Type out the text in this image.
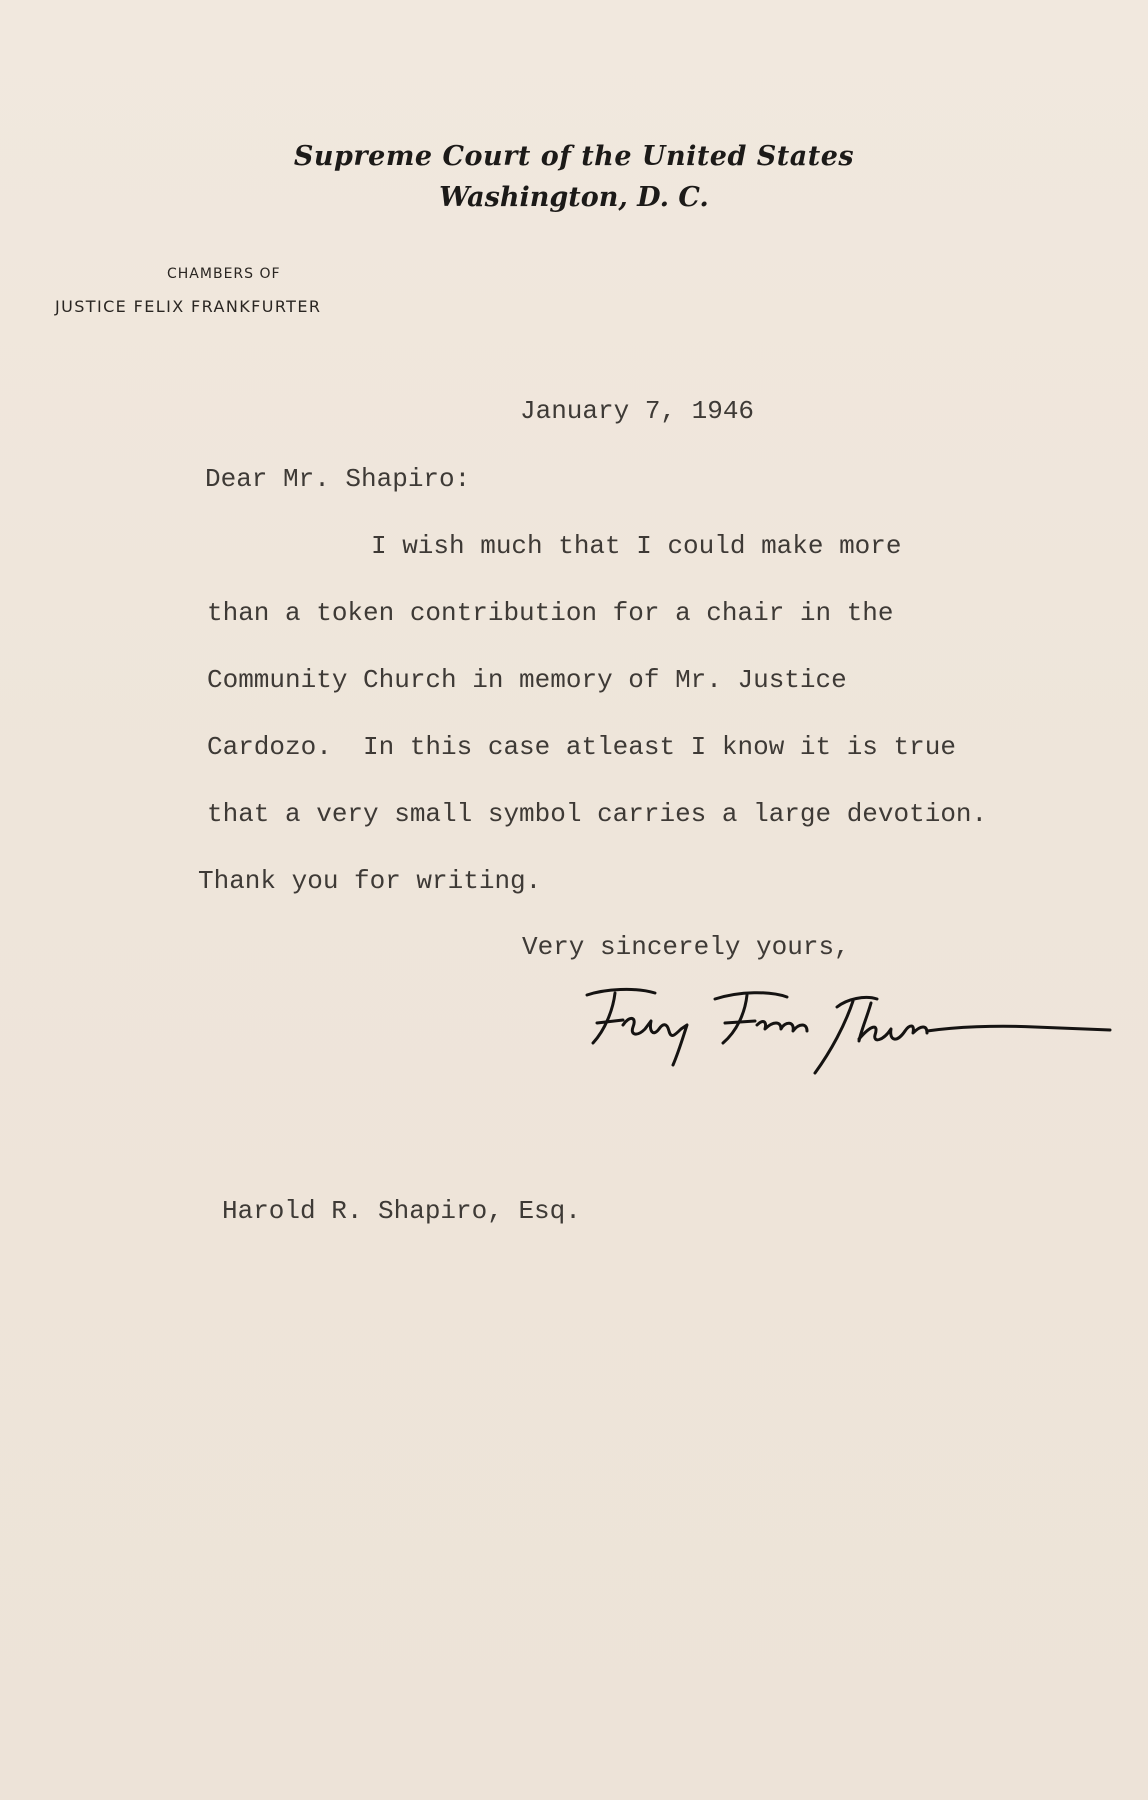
Supreme Court of the United States
Washington, D. C.
CHAMBERS OF
JUSTICE FELIX FRANKFURTER
January 7, 1946
Dear Mr. Shapiro:
I wish much that I could make more
than a token contribution for a chair in the
Community Church in memory of Mr. Justice
Cardozo.  In this case atleast I know it is true
that a very small symbol carries a large devotion.
Thank you for writing.
Very sincerely yours,
Harold R. Shapiro, Esq.
